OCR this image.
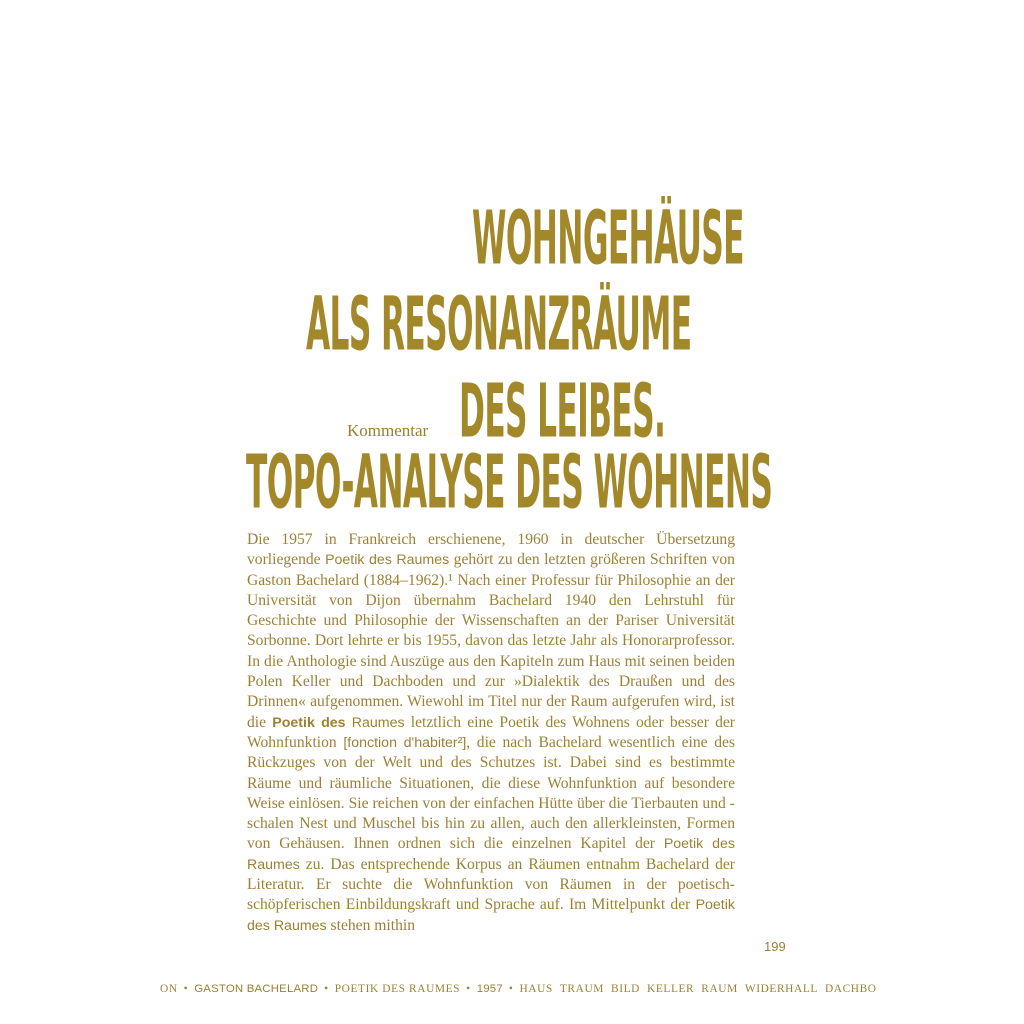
WOHNGEHÄUSE
ALS RESONANZRÄUME
DES LEIBES.
TOPO-ANALYSE DES WOHNENS
Kommentar

Die 1957 in Frankreich erschienene, 1960 in deutscher Übersetzung vorliegende Poetik des Raumes gehört zu den letzten größeren Schriften von Gaston Bachelard (1884–1962).¹ Nach einer Professur für Philosophie an der Universität von Dijon übernahm Bachelard 1940 den Lehrstuhl für Geschichte und Philosophie der Wissenschaften an der Pariser Universität Sorbonne. Dort lehrte er bis 1955, davon das letzte Jahr als Honorarprofessor. In die Anthologie sind Auszüge aus den Kapiteln zum Haus mit seinen beiden Polen Keller und Dachboden und zur »Dialektik des Draußen und des Drinnen« aufgenommen. Wiewohl im Titel nur der Raum aufgerufen wird, ist die Poetik des Raumes letztlich eine Poetik des Wohnens oder besser der Wohnfunktion [fonction d'habiter²], die nach Bachelard wesentlich eine des Rückzuges von der Welt und des Schutzes ist. Dabei sind es bestimmte Räume und räumliche Situationen, die diese Wohnfunktion auf besondere Weise einlösen. Sie reichen von der einfachen Hütte über die Tierbauten und -schalen Nest und Muschel bis hin zu allen, auch den allerkleinsten, Formen von Gehäusen. Ihnen ordnen sich die einzelnen Kapitel der Poetik des Raumes zu. Das entsprechende Korpus an Räumen entnahm Bachelard der Literatur. Er suchte die Wohnfunktion von Räumen in der poetisch-schöpferischen Einbildungskraft und Sprache auf. Im Mittelpunkt der Poetik des Raumes stehen mithin

199
ON • GASTON BACHELARD • POETIK DES RAUMES • 1957 • HAUS TRAUM BILD KELLER RAUM WIDERHALL DACHBO
